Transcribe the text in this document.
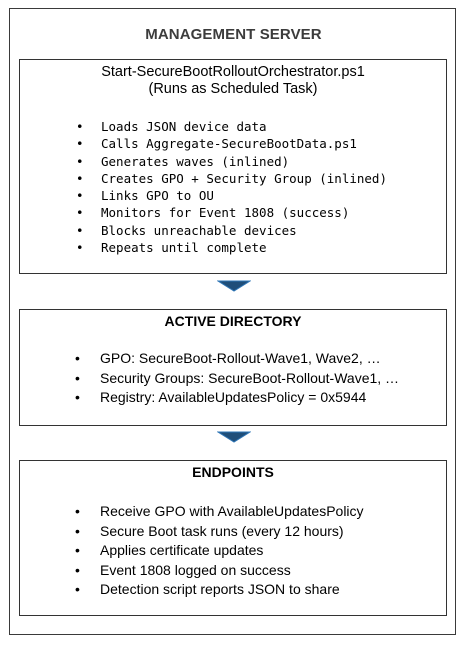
MANAGEMENT SERVER
Start-SecureBootRolloutOrchestrator.ps1
(Runs as Scheduled Task)
• Loads JSON device data
• Calls Aggregate-SecureBootData.ps1
• Generates waves (inlined)
• Creates GPO + Security Group (inlined)
• Links GPO to OU
• Monitors for Event 1808 (success)
• Blocks unreachable devices
• Repeats until complete
ACTIVE DIRECTORY
• GPO: SecureBoot-Rollout-Wave1, Wave2, …
• Security Groups: SecureBoot-Rollout-Wave1, …
• Registry: AvailableUpdatesPolicy = 0x5944
ENDPOINTS
• Receive GPO with AvailableUpdatesPolicy
• Secure Boot task runs (every 12 hours)
• Applies certificate updates
• Event 1808 logged on success
• Detection script reports JSON to share
